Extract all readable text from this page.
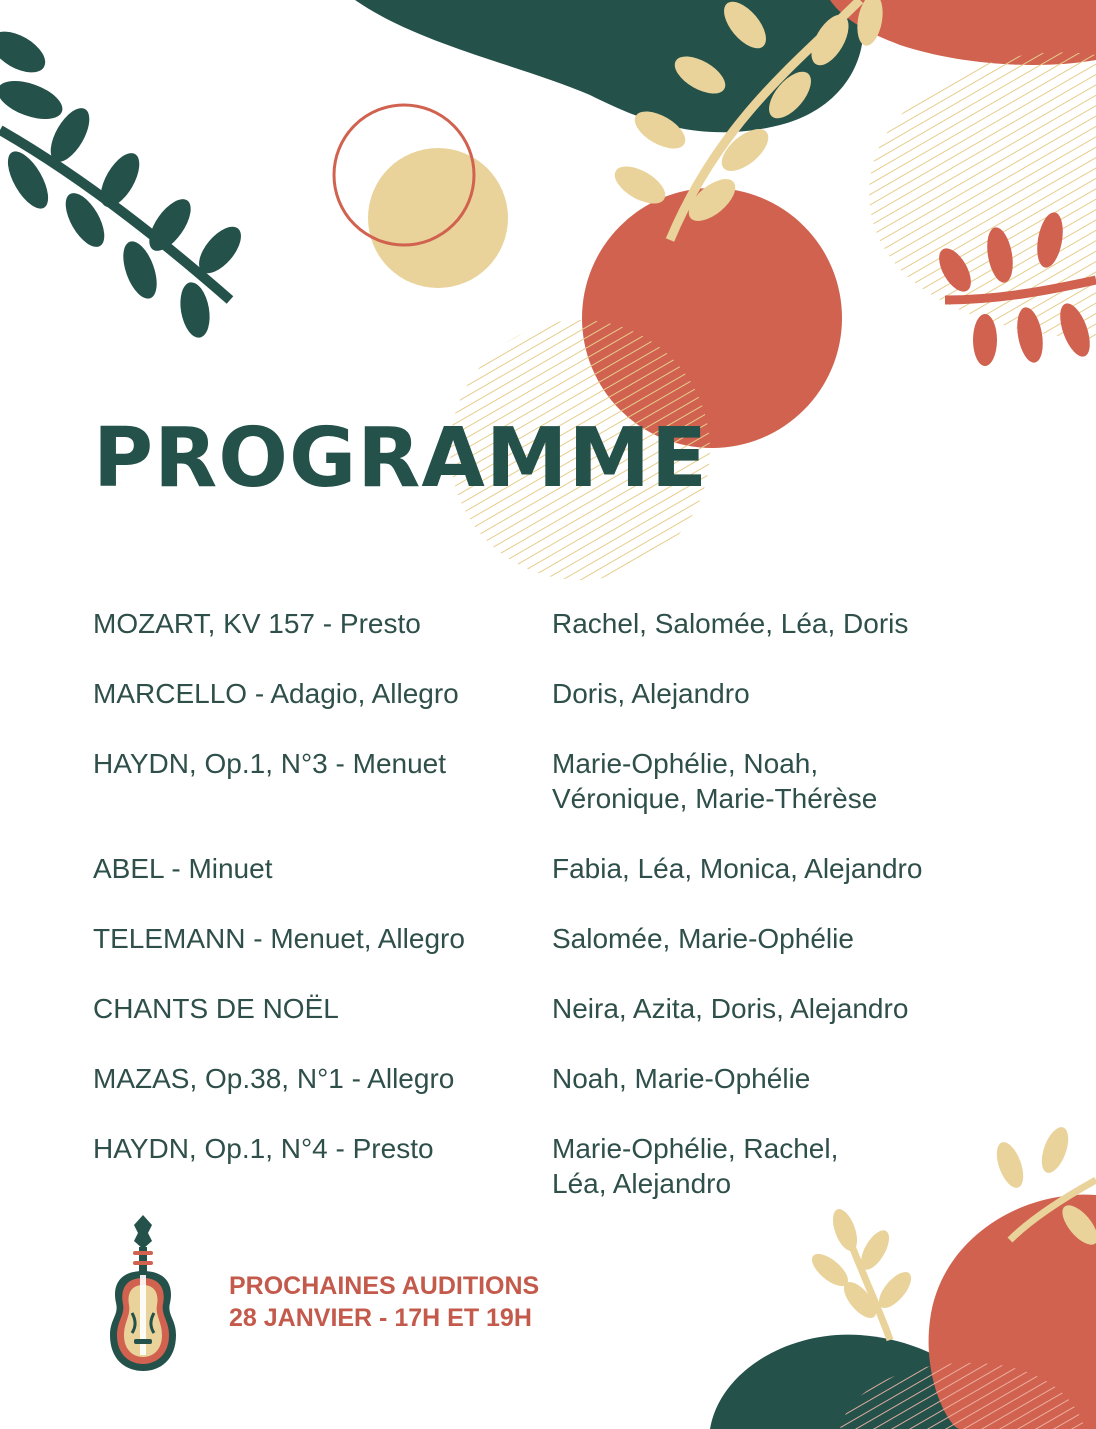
PROGRAMME
MOZART, KV 157 - Presto	Rachel, Salomée, Léa, Doris
MARCELLO - Adagio, Allegro	Doris, Alejandro
HAYDN, Op.1, N°3 - Menuet	Marie-Ophélie, Noah,
Véronique, Marie-Thérèse
ABEL - Minuet	Fabia, Léa, Monica, Alejandro
TELEMANN - Menuet, Allegro	Salomée, Marie-Ophélie
CHANTS DE NOËL	Neira, Azita, Doris, Alejandro
MAZAS, Op.38, N°1 - Allegro	Noah, Marie-Ophélie
HAYDN, Op.1, N°4 - Presto	Marie-Ophélie, Rachel,
Léa, Alejandro
PROCHAINES AUDITIONS
28 JANVIER - 17H ET 19H
